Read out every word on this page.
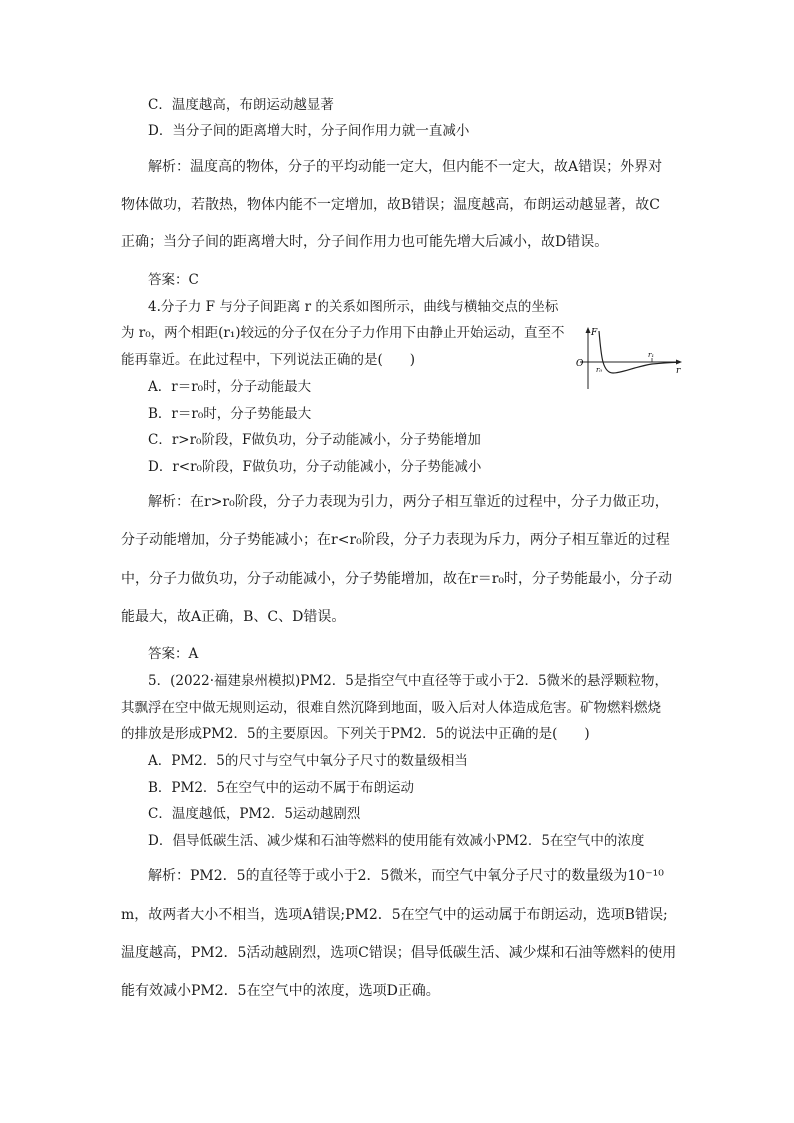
C．温度越高，布朗运动越显著
D．当分子间的距离增大时，分子间作用力就一直减小
解析：温度高的物体，分子的平均动能一定大，但内能不一定大，故A错误；外界对
物体做功，若散热，物体内能不一定增加，故B错误；温度越高，布朗运动越显著，故C
正确；当分子间的距离增大时，分子间作用力也可能先增大后减小，故D错误。
答案：C
4.分子力 F 与分子间距离 r 的关系如图所示，曲线与横轴交点的坐标
为 r₀，两个相距(r₁)较远的分子仅在分子力作用下由静止开始运动，直至不
能再靠近。在此过程中，下列说法正确的是(　　)
F
O
r₀
r₁
r
A．r＝r₀时，分子动能最大
B．r＝r₀时，分子势能最大
C．r>r₀阶段，F做负功，分子动能减小，分子势能增加
D．r<r₀阶段，F做负功，分子动能减小，分子势能减小
解析：在r>r₀阶段，分子力表现为引力，两分子相互靠近的过程中，分子力做正功，
分子动能增加，分子势能减小；在r<r₀阶段，分子力表现为斥力，两分子相互靠近的过程
中，分子力做负功，分子动能减小，分子势能增加，故在r＝r₀时，分子势能最小，分子动
能最大，故A正确，B、C、D错误。
答案：A
5．(2022·福建泉州模拟)PM2．5是指空气中直径等于或小于2．5微米的悬浮颗粒物，
其飘浮在空中做无规则运动，很难自然沉降到地面，吸入后对人体造成危害。矿物燃料燃烧
的排放是形成PM2．5的主要原因。下列关于PM2．5的说法中正确的是(　　)
A．PM2．5的尺寸与空气中氧分子尺寸的数量级相当
B．PM2．5在空气中的运动不属于布朗运动
C．温度越低，PM2．5运动越剧烈
D．倡导低碳生活、减少煤和石油等燃料的使用能有效减小PM2．5在空气中的浓度
解析：PM2．5的直径等于或小于2．5微米，而空气中氧分子尺寸的数量级为10⁻¹⁰
m，故两者大小不相当，选项A错误;PM2．5在空气中的运动属于布朗运动，选项B错误;
温度越高，PM2．5活动越剧烈，选项C错误；倡导低碳生活、减少煤和石油等燃料的使用
能有效减小PM2．5在空气中的浓度，选项D正确。
